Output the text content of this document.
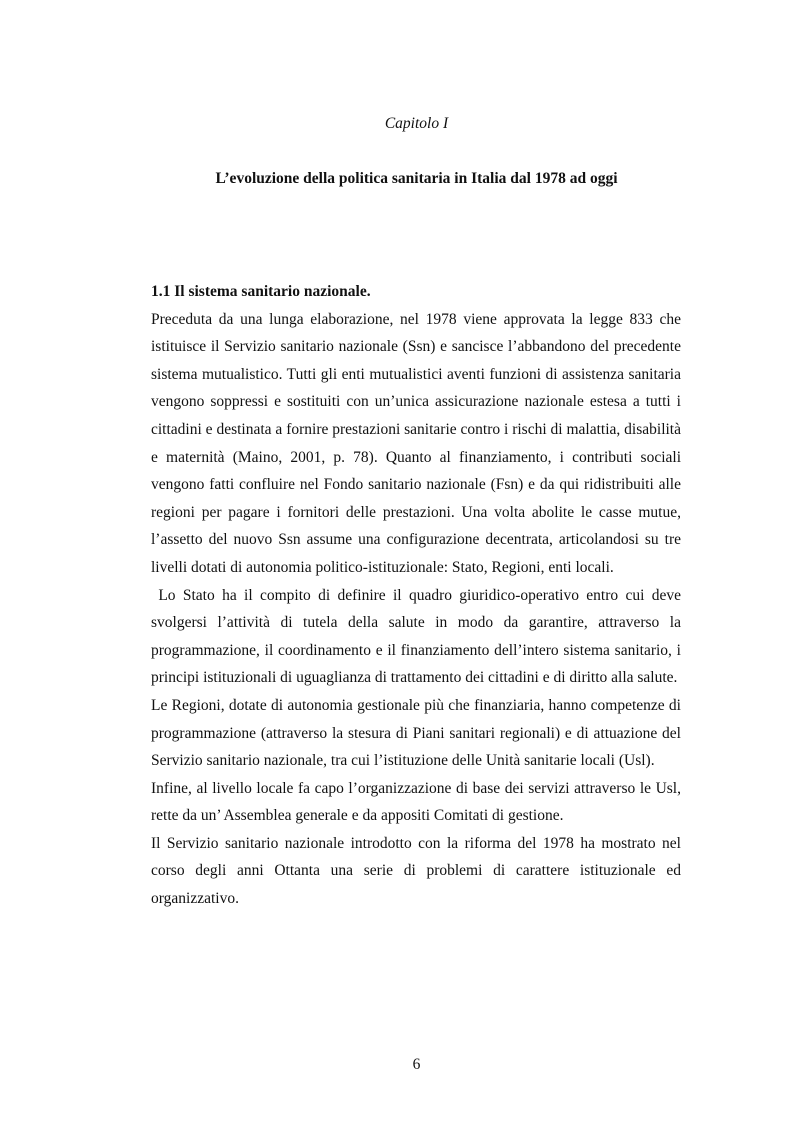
Capitolo I
L’evoluzione della politica sanitaria in Italia dal 1978 ad oggi

1.1 Il sistema sanitario nazionale.

Preceduta da una lunga elaborazione, nel 1978 viene approvata la legge 833 che istituisce il Servizio sanitario nazionale (Ssn) e sancisce l’abbandono del precedente sistema mutualistico. Tutti gli enti mutualistici aventi funzioni di assistenza sanitaria vengono soppressi e sostituiti con un’unica assicurazione nazionale estesa a tutti i cittadini e destinata a fornire prestazioni sanitarie contro i rischi di malattia, disabilità e maternità (Maino, 2001, p. 78). Quanto al finanziamento, i contributi sociali vengono fatti confluire nel Fondo sanitario nazionale (Fsn) e da qui ridistribuiti alle regioni per pagare i fornitori delle prestazioni. Una volta abolite le casse mutue, l’assetto del nuovo Ssn assume una configurazione decentrata, articolandosi su tre livelli dotati di autonomia politico-istituzionale: Stato, Regioni, enti locali.

Lo Stato ha il compito di definire il quadro giuridico-operativo entro cui deve svolgersi l’attività di tutela della salute in modo da garantire, attraverso la programmazione, il coordinamento e il finanziamento dell’intero sistema sanitario, i principi istituzionali di uguaglianza di trattamento dei cittadini e di diritto alla salute.

Le Regioni, dotate di autonomia gestionale più che finanziaria, hanno competenze di programmazione (attraverso la stesura di Piani sanitari regionali) e di attuazione del Servizio sanitario nazionale, tra cui l’istituzione delle Unità sanitarie locali (Usl).

Infine, al livello locale fa capo l’organizzazione di base dei servizi attraverso le Usl, rette da un’ Assemblea generale e da appositi Comitati di gestione.

Il Servizio sanitario nazionale introdotto con la riforma del 1978 ha mostrato nel corso degli anni Ottanta una serie di problemi di carattere istituzionale ed organizzativo.

6
